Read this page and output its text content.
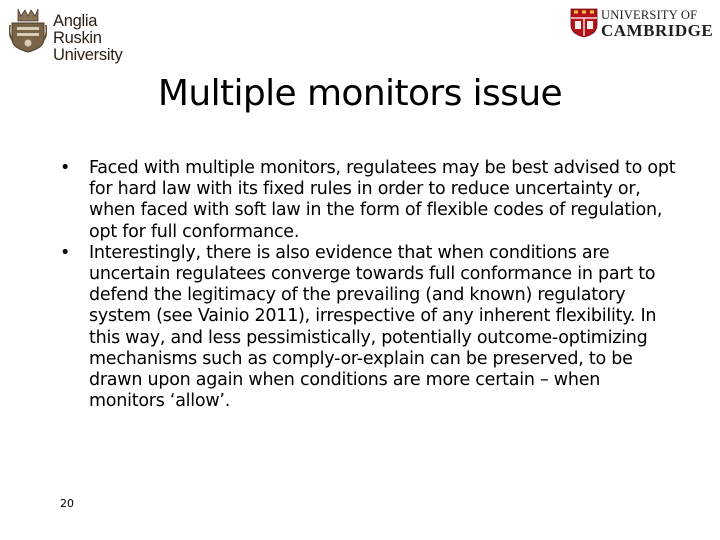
Anglia Ruskin
University
UNIVERSITY OF
CAMBRIDGE
Multiple monitors issue
• Faced with multiple monitors, regulatees may be best advised to opt for hard law with its fixed rules in order to reduce uncertainty or, when faced with soft law in the form of flexible codes of regulation, opt for full conformance.
• Interestingly, there is also evidence that when conditions are uncertain regulatees converge towards full conformance in part to defend the legitimacy of the prevailing (and known) regulatory system (see Vainio 2011), irrespective of any inherent flexibility. In this way, and less pessimistically, potentially outcome-optimizing mechanisms such as comply-or-explain can be preserved, to be drawn upon again when conditions are more certain – when monitors ‘allow’.
20
